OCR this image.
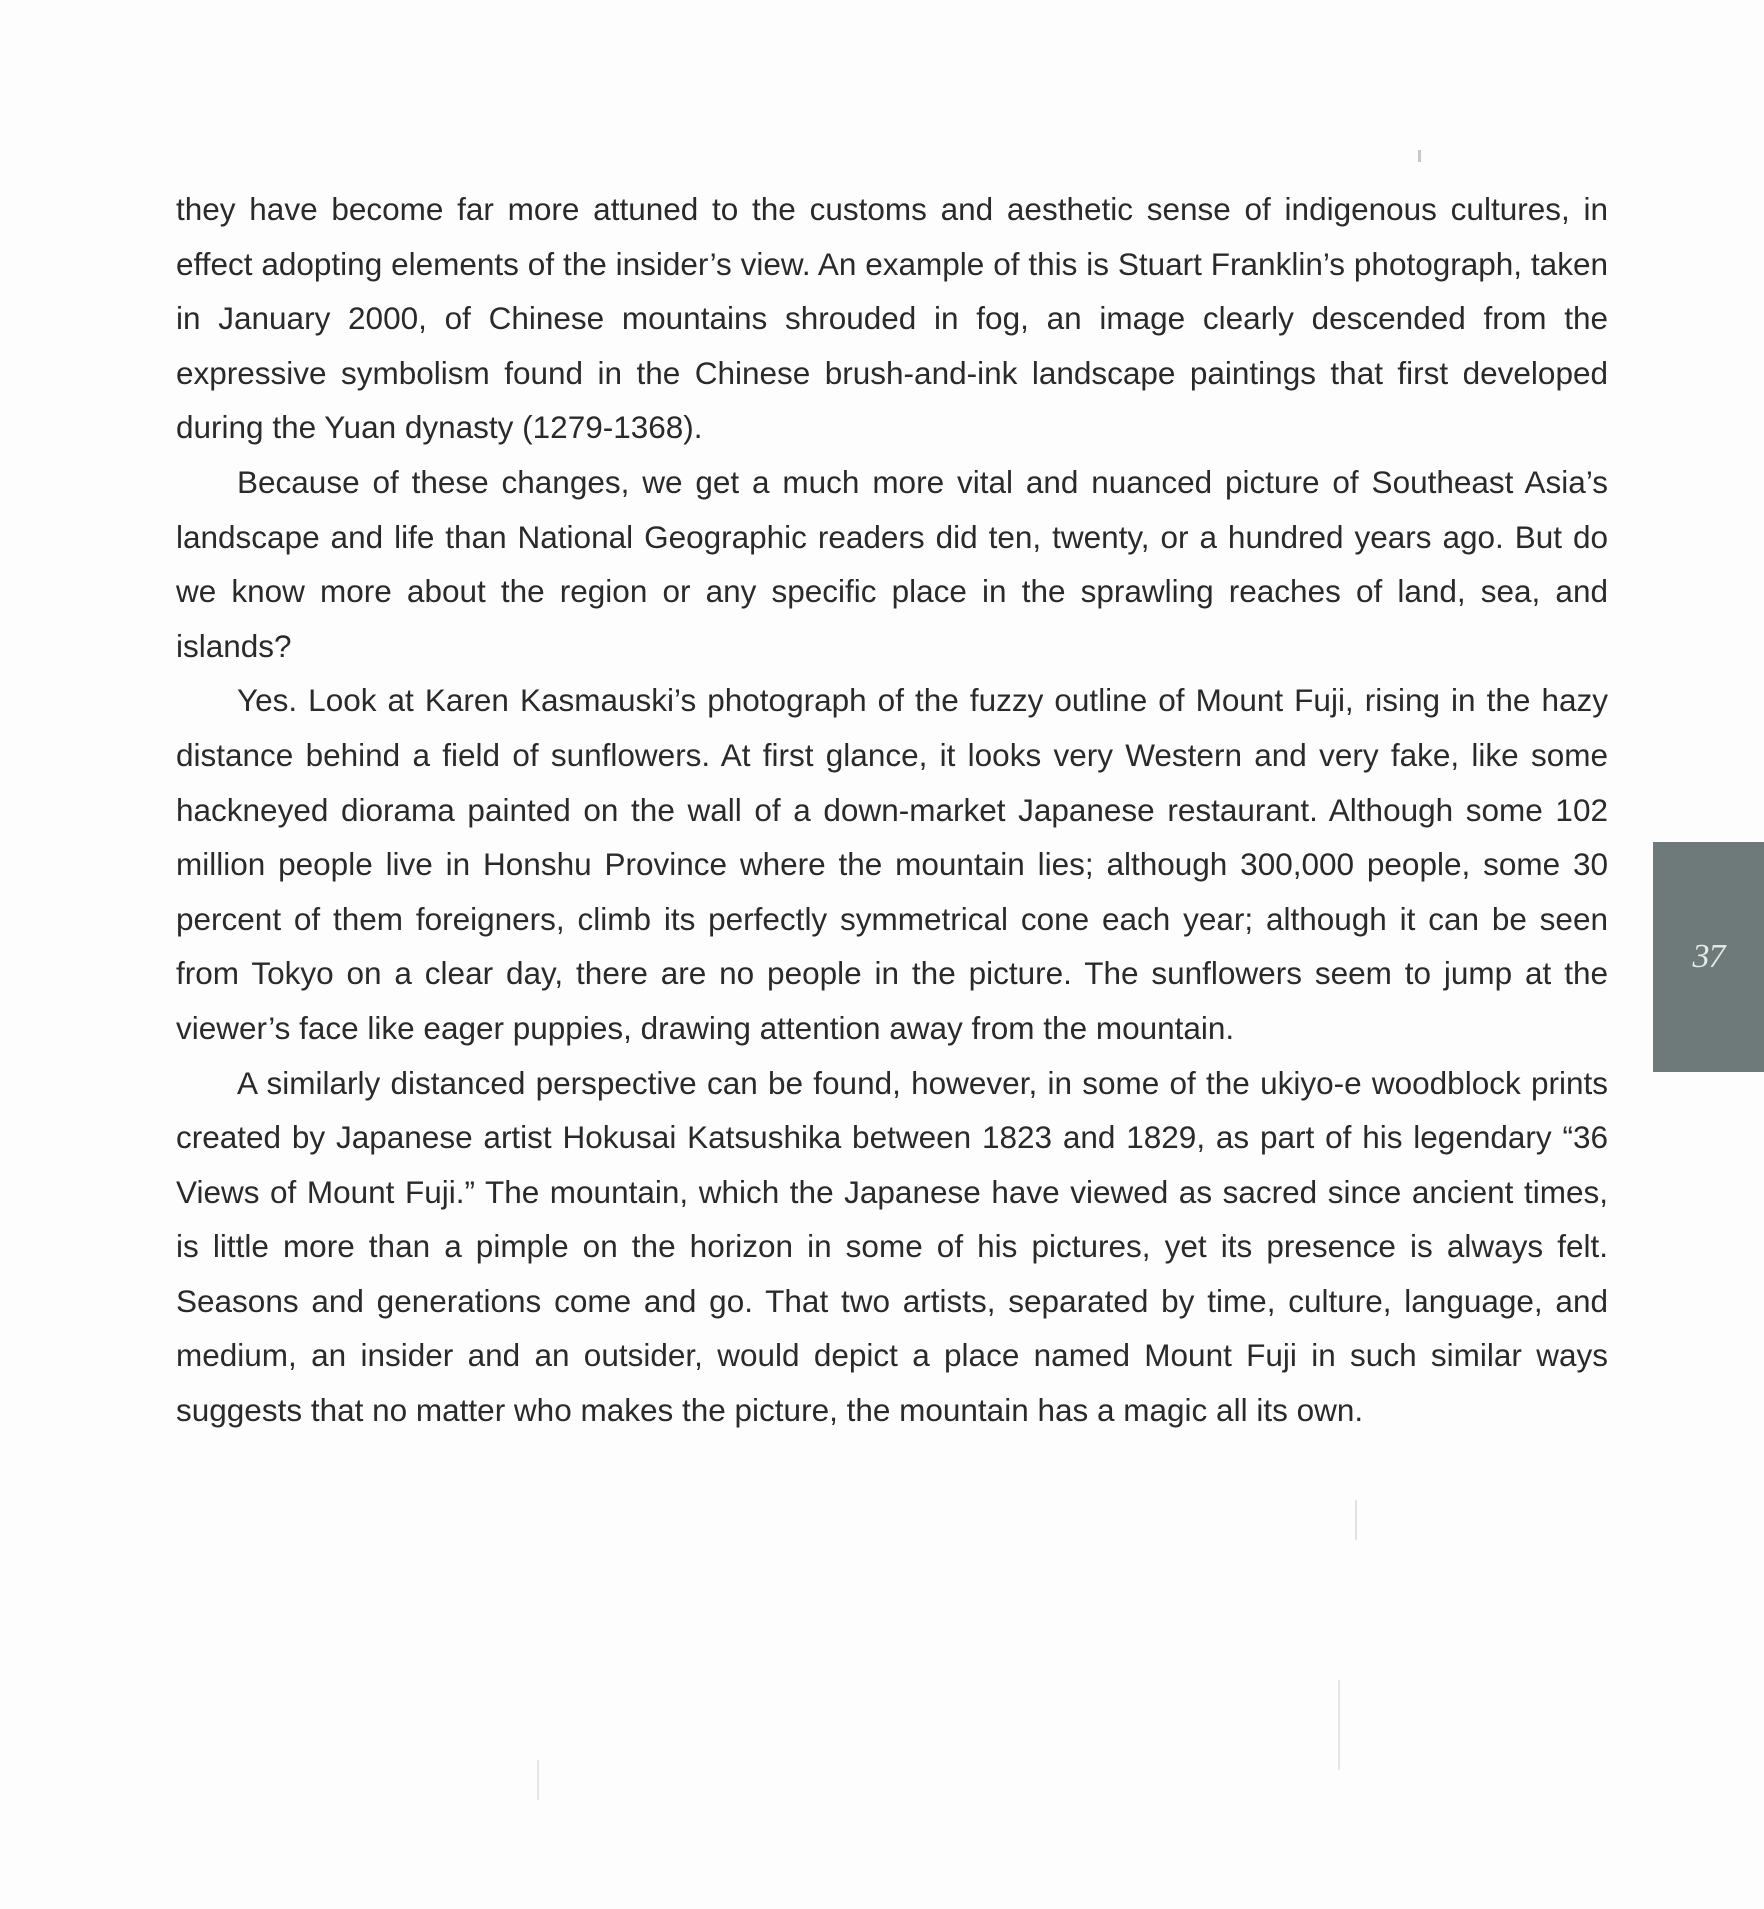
they have become far more attuned to the customs and aesthetic sense of indigenous cultures, in effect adopting elements of the insider’s view. An example of this is Stuart Franklin’s photograph, taken in January 2000, of Chinese mountains shrouded in fog, an image clearly descended from the expressive symbolism found in the Chinese brush-and-ink landscape paintings that first developed during the Yuan dynasty (1279-1368).

Because of these changes, we get a much more vital and nuanced picture of Southeast Asia’s landscape and life than National Geographic readers did ten, twenty, or a hundred years ago. But do we know more about the region or any specific place in the sprawling reaches of land, sea, and islands?

Yes. Look at Karen Kasmauski’s photograph of the fuzzy outline of Mount Fuji, rising in the hazy distance behind a field of sunflowers. At first glance, it looks very Western and very fake, like some hackneyed diorama painted on the wall of a down-market Japanese restaurant. Although some 102 million people live in Honshu Province where the mountain lies; although 300,000 people, some 30 percent of them foreigners, climb its perfectly symmetrical cone each year; although it can be seen from Tokyo on a clear day, there are no people in the picture. The sunflowers seem to jump at the viewer’s face like eager puppies, drawing attention away from the mountain.

A similarly distanced perspective can be found, however, in some of the ukiyo-e woodblock prints created by Japanese artist Hokusai Katsushika between 1823 and 1829, as part of his legendary “36 Views of Mount Fuji.” The mountain, which the Japanese have viewed as sacred since ancient times, is little more than a pimple on the horizon in some of his pictures, yet its presence is always felt. Seasons and generations come and go. That two artists, separated by time, culture, language, and medium, an insider and an outsider, would depict a place named Mount Fuji in such similar ways suggests that no matter who makes the picture, the mountain has a magic all its own.

37
